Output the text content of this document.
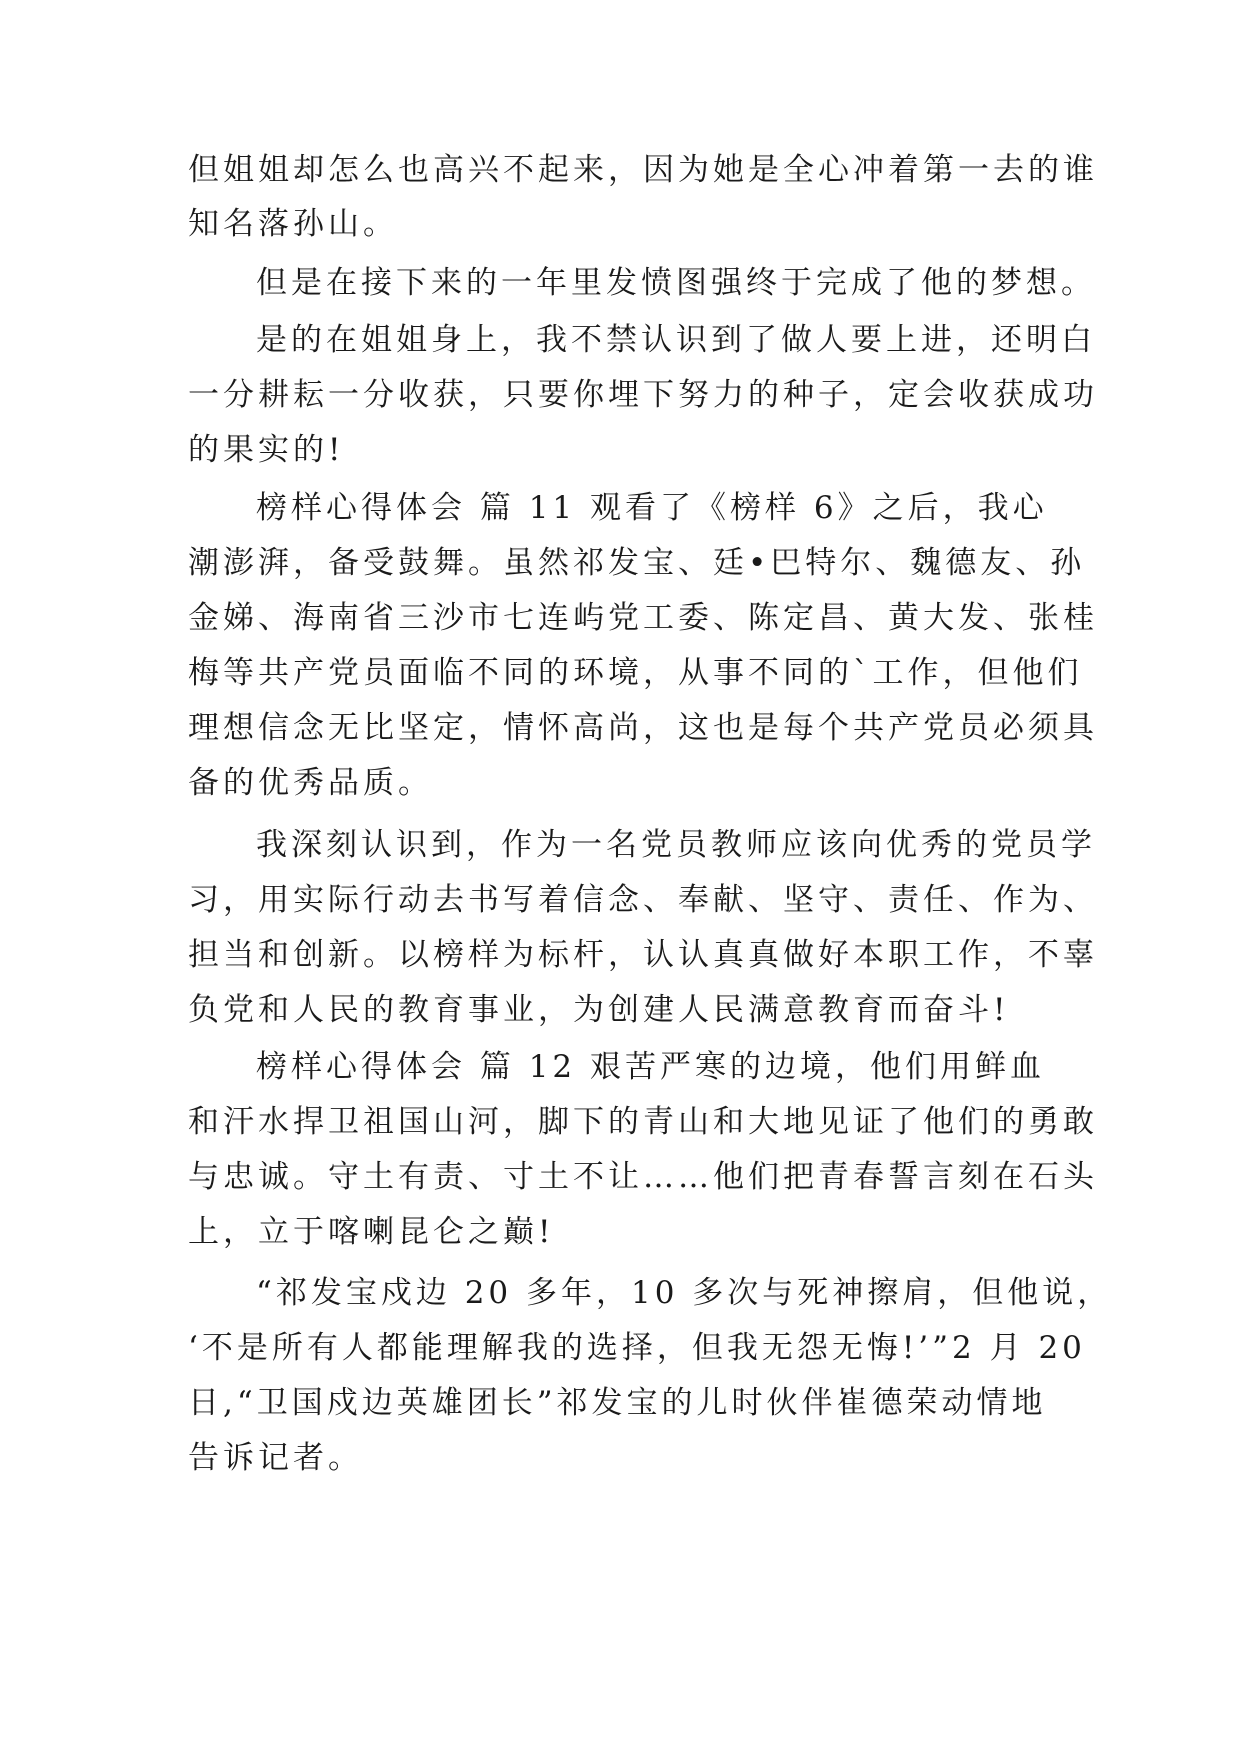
但姐姐却怎么也高兴不起来，因为她是全心冲着第一去的谁
知名落孙山。
但是在接下来的一年里发愤图强终于完成了他的梦想。
是的在姐姐身上，我不禁认识到了做人要上进，还明白
一分耕耘一分收获，只要你埋下努力的种子，定会收获成功
的果实的!
榜样心得体会 篇 11 观看了《榜样 6》之后，我心
潮澎湃，备受鼓舞。虽然祁发宝、廷•巴特尔、魏德友、孙
金娣、海南省三沙市七连屿党工委、陈定昌、黄大发、张桂
梅等共产党员面临不同的环境，从事不同的`工作，但他们
理想信念无比坚定，情怀高尚，这也是每个共产党员必须具
备的优秀品质。
我深刻认识到，作为一名党员教师应该向优秀的党员学
习，用实际行动去书写着信念、奉献、坚守、责任、作为、
担当和创新。以榜样为标杆，认认真真做好本职工作，不辜
负党和人民的教育事业，为创建人民满意教育而奋斗!
榜样心得体会 篇 12 艰苦严寒的边境，他们用鲜血
和汗水捍卫祖国山河，脚下的青山和大地见证了他们的勇敢
与忠诚。守土有责、寸土不让……他们把青春誓言刻在石头
上，立于喀喇昆仑之巅!
“祁发宝戍边 20 多年，10 多次与死神擦肩，但他说，
‘不是所有人都能理解我的选择，但我无怨无悔!’”2 月 20
日,“卫国戍边英雄团长”祁发宝的儿时伙伴崔德荣动情地
告诉记者。
